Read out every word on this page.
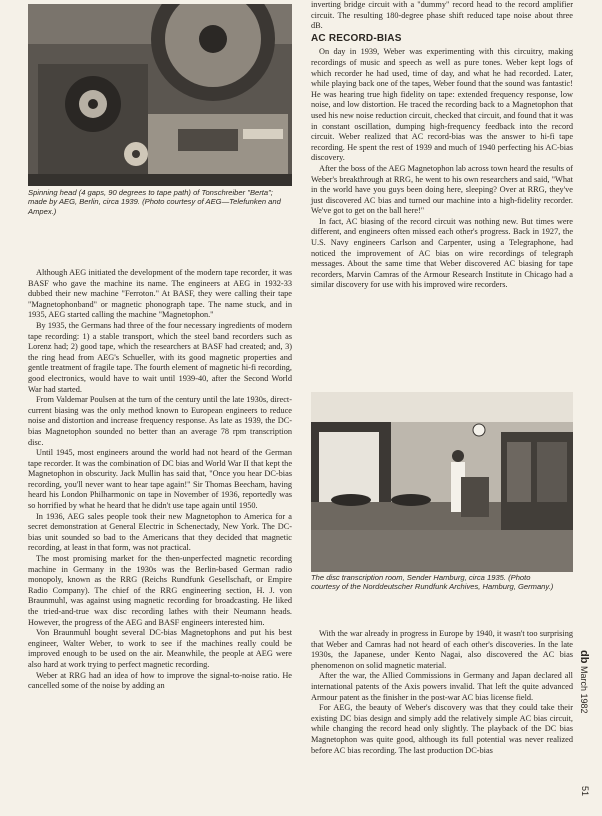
Spinning head (4 gaps, 90 degrees to tape path) of Tonschreiber "Berta"; made by AEG, Berlin, circa 1939. (Photo courtesy of AEG—Telefunken and Ampex.)

Although AEG initiated the development of the modern tape recorder, it was BASF who gave the machine its name. The engineers at AEG in 1932-33 dubbed their new machine "Ferroton." At BASF, they were calling their tape "Magnetophonband" or magnetic phonograph tape. The name stuck, and in 1935, AEG started calling the machine "Magnetophon."

By 1935, the Germans had three of the four necessary ingredients of modern tape recording: 1) a stable transport, which the steel band recorders such as Lorenz had; 2) good tape, which the researchers at BASF had created; and, 3) the ring head from AEG's Schueller, with its good magnetic properties and gentle treatment of fragile tape. The fourth element of magnetic hi-fi recording, good electronics, would have to wait until 1939-40, after the Second World War had started.

From Valdemar Poulsen at the turn of the century until the late 1930s, direct-current biasing was the only method known to European engineers to reduce noise and distortion and increase frequency response. As late as 1939, the DC-bias Magnetophon sounded no better than an average 78 rpm transcription disc.

Until 1945, most engineers around the world had not heard of the German tape recorder. It was the combination of DC bias and World War II that kept the Magnetophon in obscurity. Jack Mullin has said that, "Once you hear DC-bias recording, you'll never want to hear tape again!" Sir Thomas Beecham, having heard his London Philharmonic on tape in November of 1936, reportedly was so horrified by what he heard that he didn't use tape again until 1950.

In 1936, AEG sales people took their new Magnetophon to America for a secret demonstration at General Electric in Schenectady, New York. The DC-bias unit sounded so bad to the Americans that they decided that magnetic recording, at least in that form, was not practical.

The most promising market for the then-unperfected magnetic recording machine in Germany in the 1930s was the Berlin-based German radio monopoly, known as the RRG (Reichs Rundfunk Gesellschaft, or Empire Radio Company). The chief of the RRG engineering section, H. J. von Braunmuhl, was against using magnetic recording for broadcasting. He liked the tried-and-true wax disc recording lathes with their Neumann heads. However, the progress of the AEG and BASF engineers interested him.

Von Braunmuhl bought several DC-bias Magnetophons and put his best engineer, Walter Weber, to work to see if the machines really could be improved enough to be used on the air. Meanwhile, the people at AEG were also hard at work trying to perfect magnetic recording.

Weber at RRG had an idea of how to improve the signal-to-noise ratio. He cancelled some of the noise by adding an

inverting bridge circuit with a "dummy" record head to the record amplifier circuit. The resulting 180-degree phase shift reduced tape noise about three dB.

AC RECORD-BIAS

On day in 1939, Weber was experimenting with this circuitry, making recordings of music and speech as well as pure tones. Weber kept logs of which recorder he had used, time of day, and what he had recorded. Later, while playing back one of the tapes, Weber found that the sound was fantastic! He was hearing true high fidelity on tape: extended frequency response, low noise, and low distortion. He traced the recording back to a Magnetophon that used his new noise reduction circuit, checked that circuit, and found that it was in constant oscillation, dumping high-frequency feedback into the record circuit. Weber realized that AC record-bias was the answer to hi-fi tape recording. He spent the rest of 1939 and much of 1940 perfecting his AC-bias discovery.

After the boss of the AEG Magnetophon lab across town heard the results of Weber's breakthrough at RRG, he went to his own researchers and said, "What in the world have you guys been doing here, sleeping? Over at RRG, they've just discovered AC bias and turned our machine into a high-fidelity recorder. We've got to get on the ball here!"

In fact, AC biasing of the record circuit was nothing new. But times were different, and engineers often missed each other's progress. Back in 1927, the U.S. Navy engineers Carlson and Carpenter, using a Telegraphone, had noticed the improvement of AC bias on wire recordings of telegraph messages. About the same time that Weber discovered AC biasing for tape recorders, Marvin Camras of the Armour Research Institute in Chicago had a similar discovery for use with his improved wire recorders.

The disc transcription room, Sender Hamburg, circa 1935. (Photo courtesy of the Norddeutscher Rundfunk Archives, Hamburg, Germany.)

With the war already in progress in Europe by 1940, it wasn't too surprising that Weber and Camras had not heard of each other's discoveries. In the late 1930s, the Japanese, under Kento Nagai, also discovered the AC bias phenomenon on solid magnetic material.

After the war, the Allied Commissions in Germany and Japan declared all international patents of the Axis powers invalid. That left the quite advanced Armour patent as the finisher in the post-war AC bias license field.

For AEG, the beauty of Weber's discovery was that they could take their existing DC bias design and simply add the relatively simple AC bias circuit, while changing the record head only slightly. The playback of the DC bias Magnetophon was quite good, although its full potential was never realized before AC bias recording. The last production DC-bias

db March 1982
51
